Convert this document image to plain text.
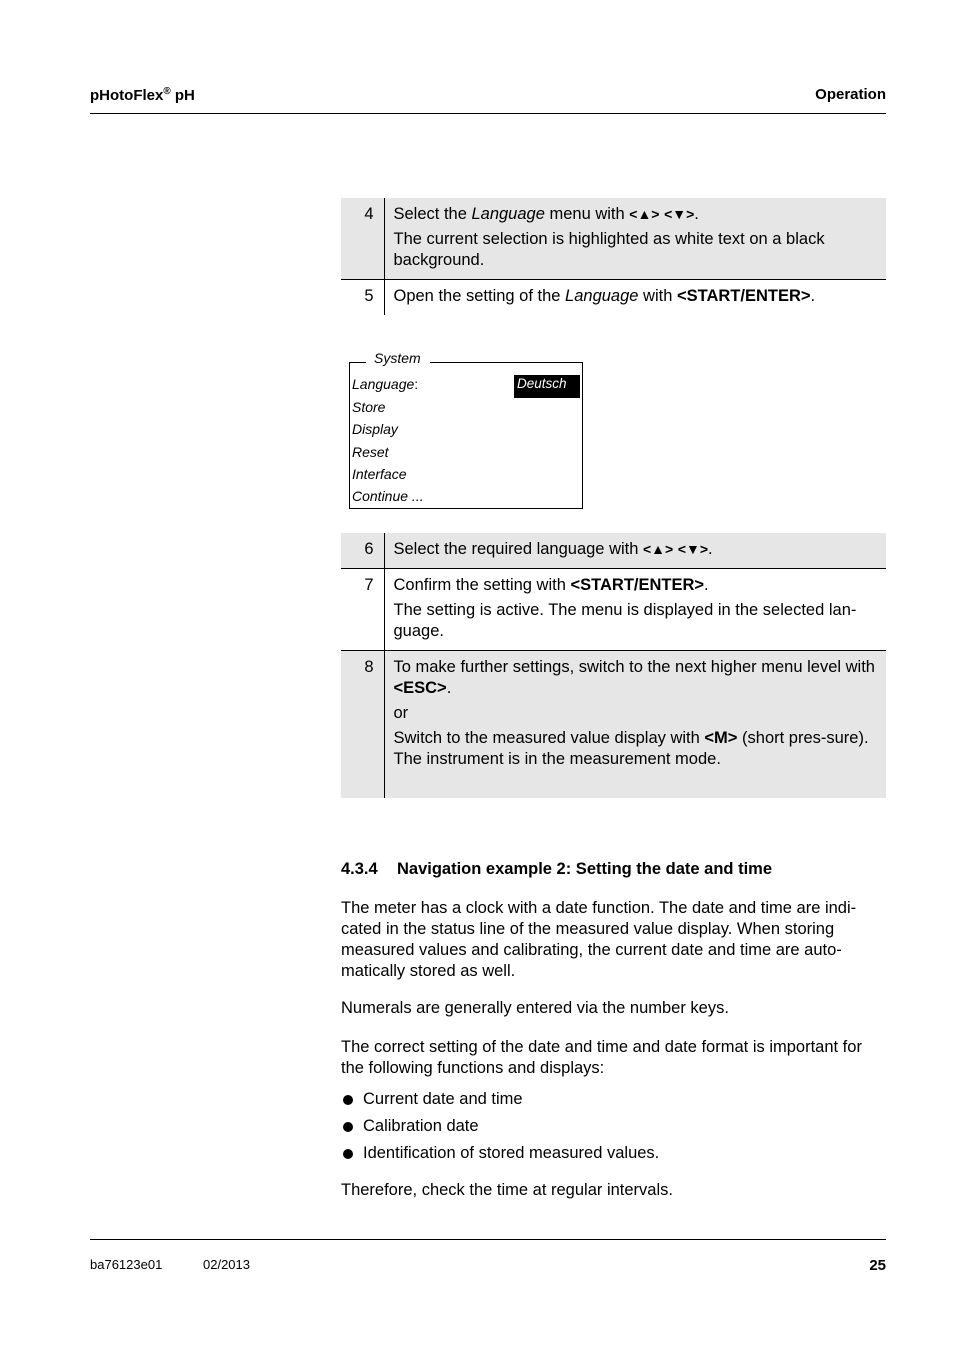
pHotoFlex® pH	Operation
4	Select the Language menu with <▲> <▼>.

The current selection is highlighted as white text on a black background.

5	Open the setting of the Language with <START/ENTER>.

System
Language:	Deutsch
Store
Display
Reset
Interface
Continue ...
6	Select the required language with <▲> <▼>.

7	Confirm the setting with <START/ENTER>.

The setting is active. The menu is displayed in the selected lan-guage.

8	To make further settings, switch to the next higher menu level with <ESC>.

or

Switch to the measured value display with <M> (short pres-sure).

The instrument is in the measurement mode.

4.3.4 Navigation example 2: Setting the date and time

The meter has a clock with a date function. The date and time are indi-cated in the status line of the measured value display. When storing measured values and calibrating, the current date and time are auto-matically stored as well.

Numerals are generally entered via the number keys.

The correct setting of the date and time and date format is important for the following functions and displays:

Current date and time
Calibration date
Identification of stored measured values.

Therefore, check the time at regular intervals.

ba76123e01	02/2013	25
